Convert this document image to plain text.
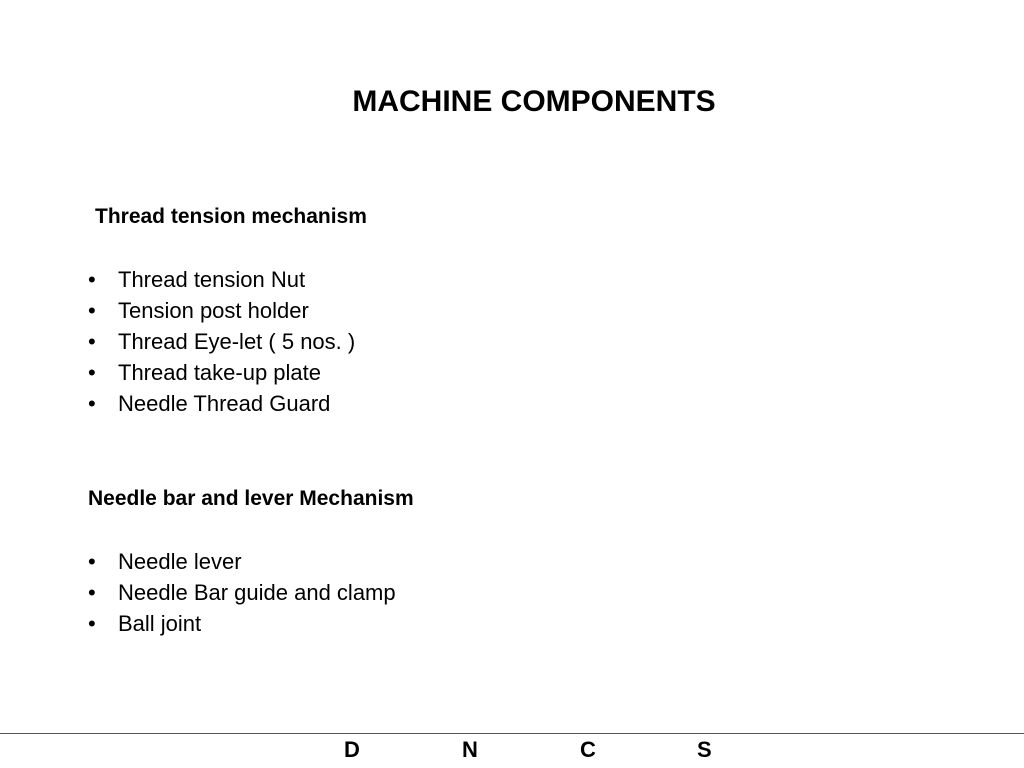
MACHINE COMPONENTS
Thread tension mechanism
•	Thread tension Nut
•	Tension post holder
•	Thread Eye-let ( 5 nos. )
•	Thread take-up plate
•	Needle Thread Guard
Needle bar and lever Mechanism
•	Needle lever
•	Needle Bar guide and clamp
•	Ball joint
D	N	C	S
